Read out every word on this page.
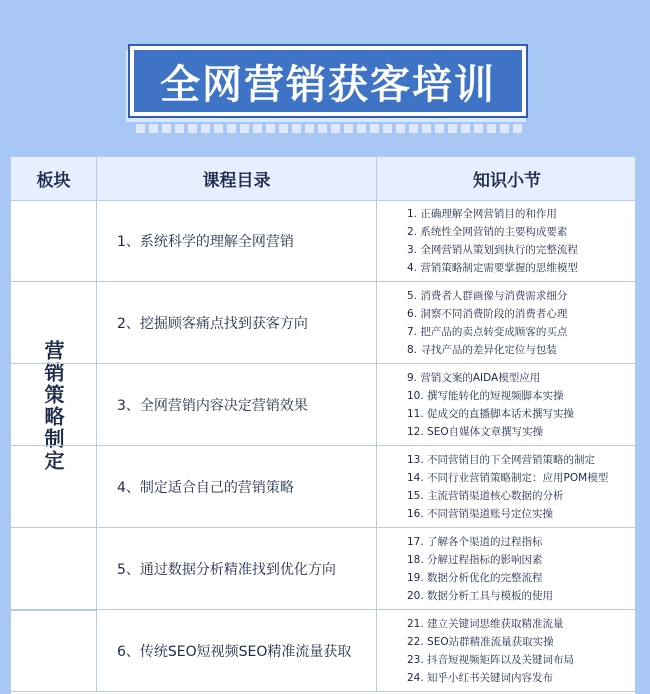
全网营销获客培训
板块	课程目录	知识小节
营销策略制定
1、系统科学的理解全网营销
1. 正确理解全网营销目的和作用
2. 系统性全网营销的主要构成要素
3. 全网营销从策划到执行的完整流程
4. 营销策略制定需要掌握的思维模型
2、挖掘顾客痛点找到获客方向
5. 消费者人群画像与消费需求细分
6. 洞察不同消费阶段的消费者心理
7. 把产品的卖点转变成顾客的买点
8. 寻找产品的差异化定位与包装
3、全网营销内容决定营销效果
9. 营销文案的AIDA模型应用
10. 撰写能转化的短视频脚本实操
11. 促成交的直播脚本话术撰写实操
12. SEO自媒体文章撰写实操
4、制定适合自己的营销策略
13. 不同营销目的下全网营销策略的制定
14. 不同行业营销策略制定：应用POM模型
15. 主流营销渠道核心数据的分析
16. 不同营销渠道账号定位实操
5、通过数据分析精准找到优化方向
17. 了解各个渠道的过程指标
18. 分解过程指标的影响因素
19. 数据分析优化的完整流程
20. 数据分析工具与模板的使用
6、传统SEO短视频SEO精准流量获取
21. 建立关键词思维获取精准流量
22. SEO站群精准流量获取实操
23. 抖音短视频矩阵以及关键词布局
24. 知乎小红书关键词内容发布
